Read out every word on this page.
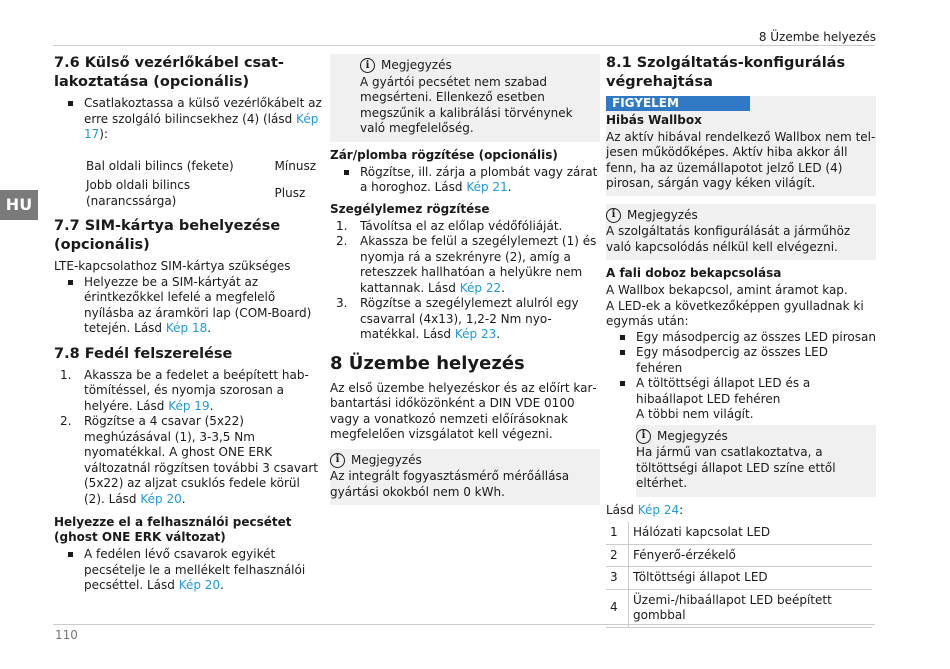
8 Üzembe helyezés
HU
7.6 Külső vezérlőkábel csatlakoztatása (opcionális)
Csatlakoztassa a külső vezérlőkábelt az erre szolgáló bilincsekhez (4) (lásd Kép 17):
Bal oldali bilincs (fekete)	Mínusz
Jobb oldali bilincs (narancssárga)	Plusz
7.7 SIM-kártya behelyezése (opcionális)

LTE-kapcsolathoz SIM-kártya szükséges

Helyezze be a SIM-kártyát az érintkezőkkel lefelé a megfelelő nyílásba az áramköri lap (COM-Board) tetején. Lásd Kép 18.
7.8 Fedél felszerelése
1. Akassza be a fedelet a beépített habtömítéssel, és nyomja szorosan a helyére. Lásd Kép 19.
2. Rögzítse a 4 csavar (5x22) meghúzásával (1), 3-3,5 Nm nyomatékkal. A ghost ONE ERK változatnál rögzítsen további 3 csavart (5x22) az aljzat csuklós fedele körül (2). Lásd Kép 20.
Helyezze el a felhasználói pecsétet (ghost ONE ERK változat)
A fedélen lévő csavarok egyikét pecsételje le a mellékelt felhasználói pecséttel. Lásd Kép 20.
i Megjegyzés

A gyártói pecsétet nem szabad megsérteni. Ellenkező esetben megszűnik a kalibrálási törvénynek való megfelelőség.

Zár/plomba rögzítése (opcionális)
Rögzítse, ill. zárja a plombát vagy zárat a horoghoz. Lásd Kép 21.
Szegélylemez rögzítése
1. Távolítsa el az előlap védőfóliáját.
2. Akassza be felül a szegélylemezt (1) és nyomja rá a szekrényre (2), amíg a reteszzek hallhatóan a helyükre nem kattannak. Lásd Kép 22.
3. Rögzítse a szegélylemezt alulról egy csavarral (4x13), 1,2-2 Nm nyo-matékkal. Lásd Kép 23.
8 Üzembe helyezés

Az első üzembe helyezéskor és az előírt karbantartási időközönként a DIN VDE 0100 vagy a vonatkozó nemzeti előírásoknak megfelelően vizsgálatot kell végezni.

i Megjegyzés

Az integrált fogyasztásmérő mérőállása gyártási okokból nem 0 kWh.

8.1 Szolgáltatás-konfigurálás végrehajtása
FIGYELEM
Hibás Wallbox

Az aktív hibával rendelkező Wallbox nem teljesen működőképes. Aktív hiba akkor áll fenn, ha az üzemállapotot jelző LED (4) pirosan, sárgán vagy kéken világít.

i Megjegyzés

A szolgáltatás konfigurálását a járműhöz való kapcsolódás nélkül kell elvégezni.

A fali doboz bekapcsolása

A Wallbox bekapcsol, amint áramot kap.

A LED-ek a következőképpen gyulladnak ki egymás után:

Egy másodpercig az összes LED pirosan
Egy másodpercig az összes LED fehéren
A töltöttségi állapot LED és a hibaállapot LED fehéren

A többi nem világít.

i Megjegyzés

Ha jármű van csatlakoztatva, a töltöttségi állapot LED színe ettől eltérhet.

Lásd Kép 24:

1	Hálózati kapcsolat LED
2	Fényerő-érzékelő
3	Töltöttségi állapot LED
4	Üzemi-/hibaállapot LED beépített gombbal
110
